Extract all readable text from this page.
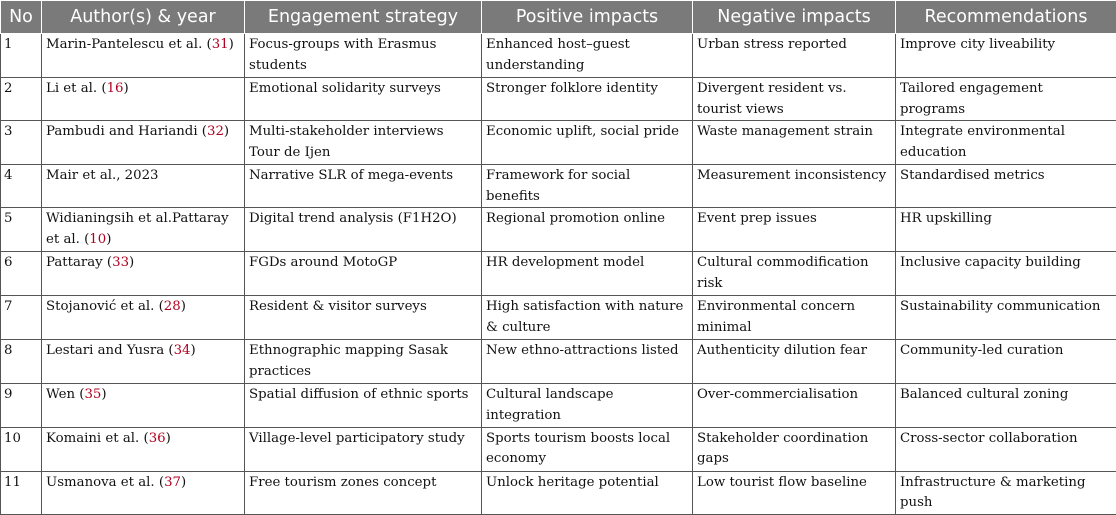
No	Author(s) & year	Engagement strategy	Positive impacts	Negative impacts	Recommendations
1	Marin-Pantelescu et al. (31)	Focus-groups with Erasmus students	Enhanced host–guest understanding	Urban stress reported	Improve city liveability
2	Li et al. (16)	Emotional solidarity surveys	Stronger folklore identity	Divergent resident vs. tourist views	Tailored engagement programs
3	Pambudi and Hariandi (32)	Multi-stakeholder interviews Tour de Ijen	Economic uplift, social pride	Waste management strain	Integrate environmental education
4	Mair et al., 2023	Narrative SLR of mega-events	Framework for social benefits	Measurement inconsistency	Standardised metrics
5	Widianingsih et al.Pattaray et al. (10)	Digital trend analysis (F1H2O)	Regional promotion online	Event prep issues	HR upskilling
6	Pattaray (33)	FGDs around MotoGP	HR development model	Cultural commodification risk	Inclusive capacity building
7	Stojanović et al. (28)	Resident & visitor surveys	High satisfaction with nature & culture	Environmental concern minimal	Sustainability communication
8	Lestari and Yusra (34)	Ethnographic mapping Sasak practices	New ethno-attractions listed	Authenticity dilution fear	Community-led curation
9	Wen (35)	Spatial diffusion of ethnic sports	Cultural landscape integration	Over-commercialisation	Balanced cultural zoning
10	Komaini et al. (36)	Village-level participatory study	Sports tourism boosts local economy	Stakeholder coordination gaps	Cross-sector collaboration
11	Usmanova et al. (37)	Free tourism zones concept	Unlock heritage potential	Low tourist flow baseline	Infrastructure & marketing push
